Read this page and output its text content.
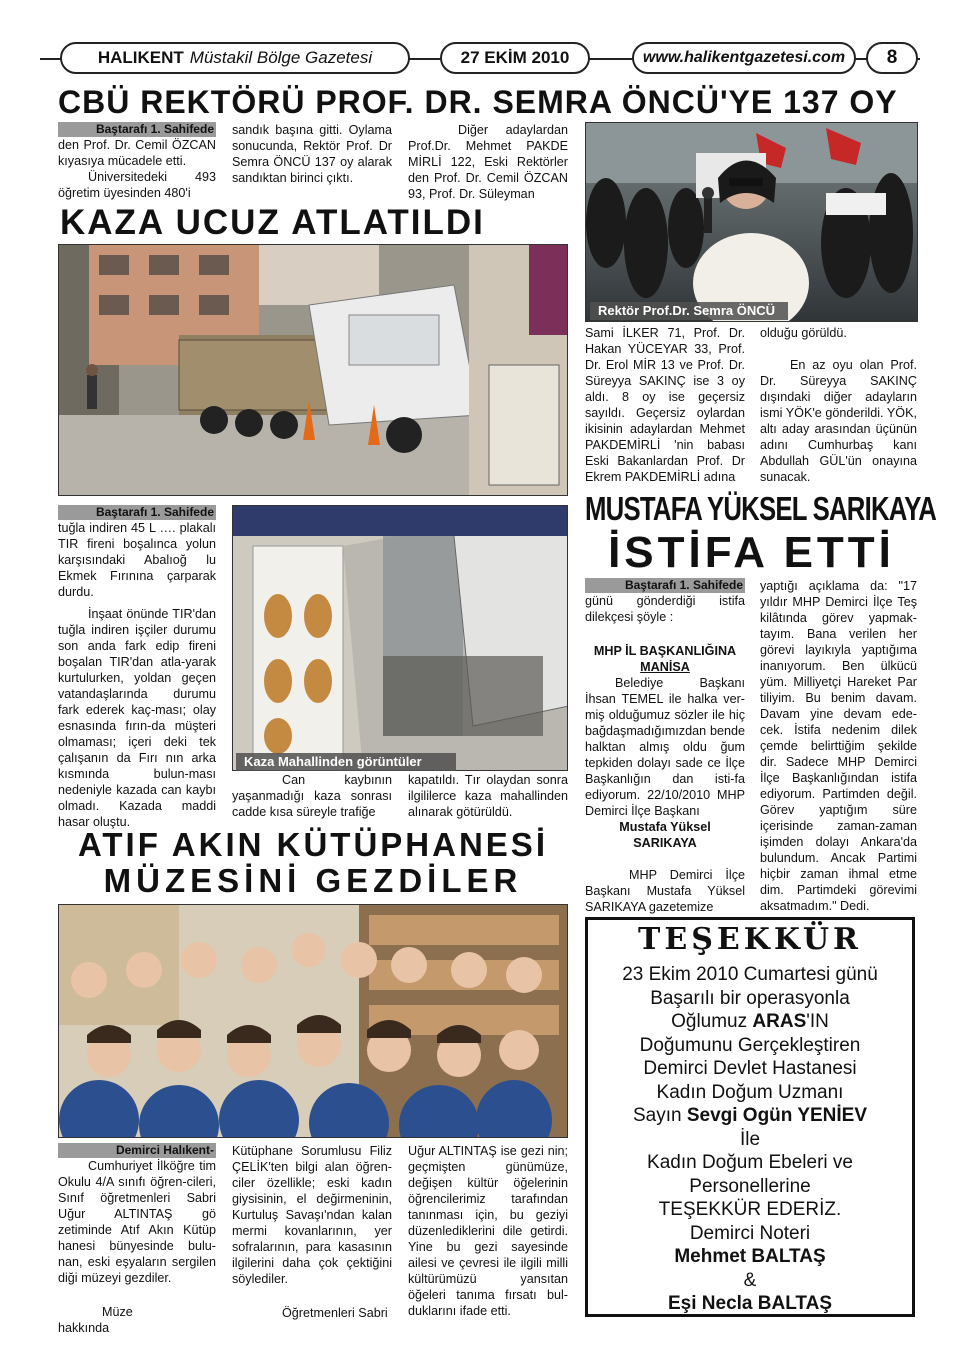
HALIKENT Müstakil Bölge Gazetesi	27 EKİM 2010	www.halikentgazetesi.com	8
CBÜ REKTÖRÜ PROF. DR. SEMRA ÖNCÜ'YE 137 OY
Baştarafı 1. Sahifede

den Prof. Dr. Cemil ÖZCAN kıyasıya mücadele etti.

Üniversitedeki 493 öğretim üyesinden 480'i

sandık başına gitti. Oylama sonucunda, Rektör Prof. Dr Semra ÖNCÜ 137 oy alarak sandıktan birinci çıktı.
Diğer adaylardan Prof.Dr. Mehmet PAKDE MİRLİ 122, Eski Rektörler den Prof. Dr. Cemil ÖZCAN 93, Prof. Dr. Süleyman
Rektör Prof.Dr. Semra ÖNCÜ
Sami İLKER 71, Prof. Dr. Hakan YÜCEYAR 33, Prof. Dr. Erol MİR 13 ve Prof. Dr. Süreyya SAKINÇ ise 3 oy aldı. 8 oy ise geçersiz sayıldı. Geçersiz oylardan ikisinin adaylardan Mehmet PAKDEMİRLİ 'nin babası Eski Bakanlardan Prof. Dr Ekrem PAKDEMİRLİ adına

olduğu görüldü.

En az oyu olan Prof. Dr. Süreyya SAKINÇ dışındaki diğer adayların ismi YÖK'e gönderildi. YÖK, altı aday arasından üçünün adını Cumhurbaş kanı Abdullah GÜL'ün onayına sunacak.

KAZA UCUZ ATLATILDI
Baştarafı 1. Sahifede

tuğla indiren 45 L …. plakalı TIR fireni boşalınca yolun karşısındaki Abalıoğ lu Ekmek Fırınına çarparak durdu.

İnşaat önünde TIR'dan tuğla indiren işçiler durumu son anda fark edip fireni boşalan TIR'dan atla-yarak kurtulurken, yoldan geçen vatandaşlarında durumu fark ederek kaç-ması; olay esnasında fırın-da müşteri olmaması; içeri deki tek çalışanın da Fırı nın arka kısmında bulun-ması nedeniyle kazada can kaybı olmadı. Kazada maddi hasar oluştu.

Kaza Mahallinden görüntüler
Can kaybının yaşanmadığı kaza sonrası cadde kısa süreyle trafiğe
kapatıldı. Tır olaydan sonra ilgililerce kaza mahallinden alınarak götürüldü.
MUSTAFA YÜKSEL SARIKAYA
İSTİFA ETTİ
Baştarafı 1. Sahifede

günü gönderdiği istifa dilekçesi şöyle :

MHP İL BAŞKANLIĞINA

MANİSA

Belediye Başkanı İhsan TEMEL ile halka ver-miş olduğumuz sözler ile hiç bağdaşmadığımızdan bende halktan almış oldu ğum tepkiden dolayı sade ce İlçe Başkanlığın dan isti-fa ediyorum. 22/10/2010 MHP Demirci İlçe Başkanı

Mustafa Yüksel

SARIKAYA

MHP Demirci İlçe Başkanı Mustafa Yüksel SARIKAYA gazetemize

yaptığı açıklama da: "17 yıldır MHP Demirci İlçe Teş kilâtında görev yapmak-tayım. Bana verilen her görevi layıkıyla yaptığıma inanıyorum. Ben ülkücü yüm. Milliyetçi Hareket Par tiliyim. Bu benim davam. Davam yine devam ede-cek. İstifa nedenim dilek çemde belirttiğim şekilde dir. Sadece MHP Demirci İlçe Başkanlığından istifa ediyorum. Partimden değil. Görev yaptığım süre içerisinde zaman-zaman işimden dolayı Ankara'da bulundum. Ancak Partimi hiçbir zaman ihmal etme dim. Partimdeki görevimi aksatmadım." Dedi.
ATIF AKIN KÜTÜPHANESİ
MÜZESİNİ GEZDİLER
Demirci Halıkent-

Cumhuriyet İlköğre tim Okulu 4/A sınıfı öğren-cileri, Sınıf öğretmenleri Sabri Uğur ALTINTAŞ gö zetiminde Atıf Akın Kütüp hanesi bünyesinde bulu-nan, eski eşyaların sergilen diği müzeyi gezdiler.

Müze hakkında

Kütüphane Sorumlusu Filiz ÇELİK'ten bilgi alan öğren-ciler özellikle; eski kadın giysisinin, el değirmeninin, Kurtuluş Savaşı'ndan kalan mermi kovanlarının, yer sofralarının, para kasasının ilgilerini daha çok çektiğini söylediler.

Öğretmenleri Sabri

Uğur ALTINTAŞ ise gezi nin; geçmişten günümüze, değişen kültür öğelerinin öğrencilerimiz tarafından tanınması için, bu geziyi düzenlediklerini dile getirdi. Yine bu gezi sayesinde ailesi ve çevresi ile ilgili milli kültürümüzü yansıtan öğeleri tanıma fırsatı bul-duklarını ifade etti.
TEŞEKKÜR
23 Ekim 2010 Cumartesi günü
Başarılı bir operasyonla
Oğlumuz ARAS'IN
Doğumunu Gerçekleştiren
Demirci Devlet Hastanesi
Kadın Doğum Uzmanı
Sayın Sevgi Ogün YENİEV
İle
Kadın Doğum Ebeleri ve
Personellerine
TEŞEKKÜR EDERİZ.
Demirci Noteri
Mehmet BALTAŞ
&
Eşi Necla BALTAŞ
